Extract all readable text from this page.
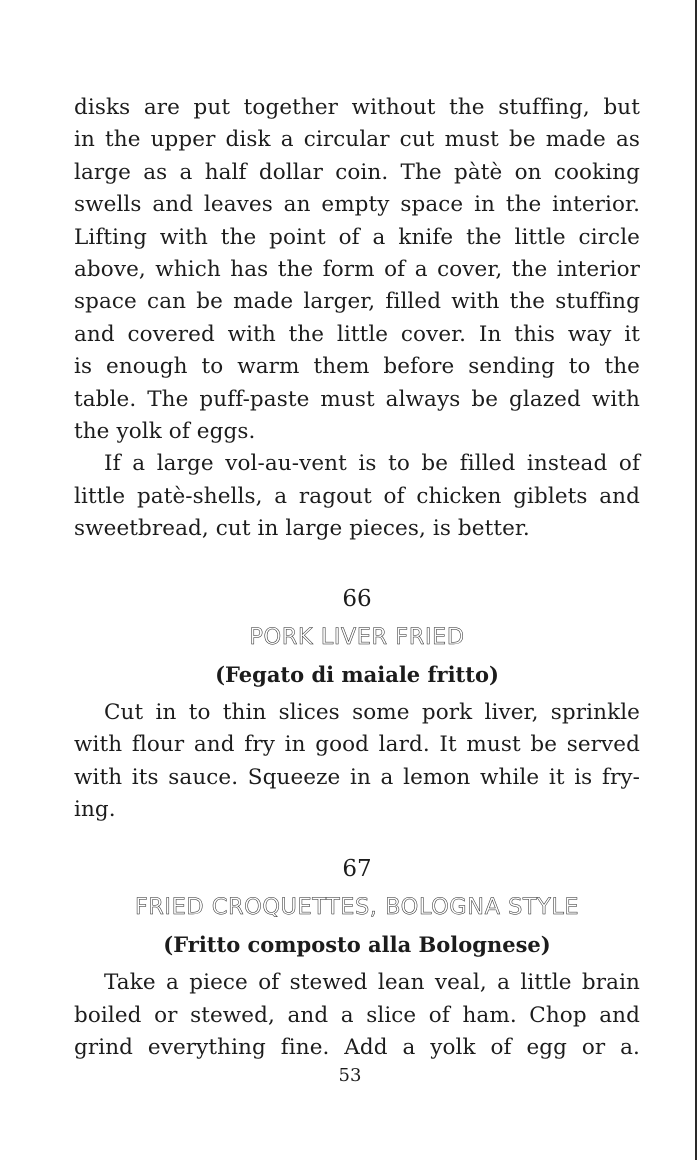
disks are put together without the stuffing, but
in the upper disk a circular cut must be made as
large as a half dollar coin. The pàtè on cooking
swells and leaves an empty space in the interior.
Lifting with the point of a knife the little circle
above, which has the form of a cover, the interior
space can be made larger, filled with the stuffing
and covered with the little cover. In this way it
is enough to warm them before sending to the
table. The puff-paste must always be glazed with
the yolk of eggs.

If a large vol-au-vent is to be filled instead of
little patè-shells, a ragout of chicken giblets and
sweetbread, cut in large pieces, is better.

66

PORK LIVER FRIED

(Fegato di maiale fritto)

Cut in to thin slices some pork liver, sprinkle
with flour and fry in good lard. It must be served
with its sauce. Squeeze in a lemon while it is fry-
ing.

67

FRIED CROQUETTES, BOLOGNA STYLE

(Fritto composto alla Bolognese)

Take a piece of stewed lean veal, a little brain
boiled or stewed, and a slice of ham. Chop and
grind everything fine. Add a yolk of egg or a.

53
